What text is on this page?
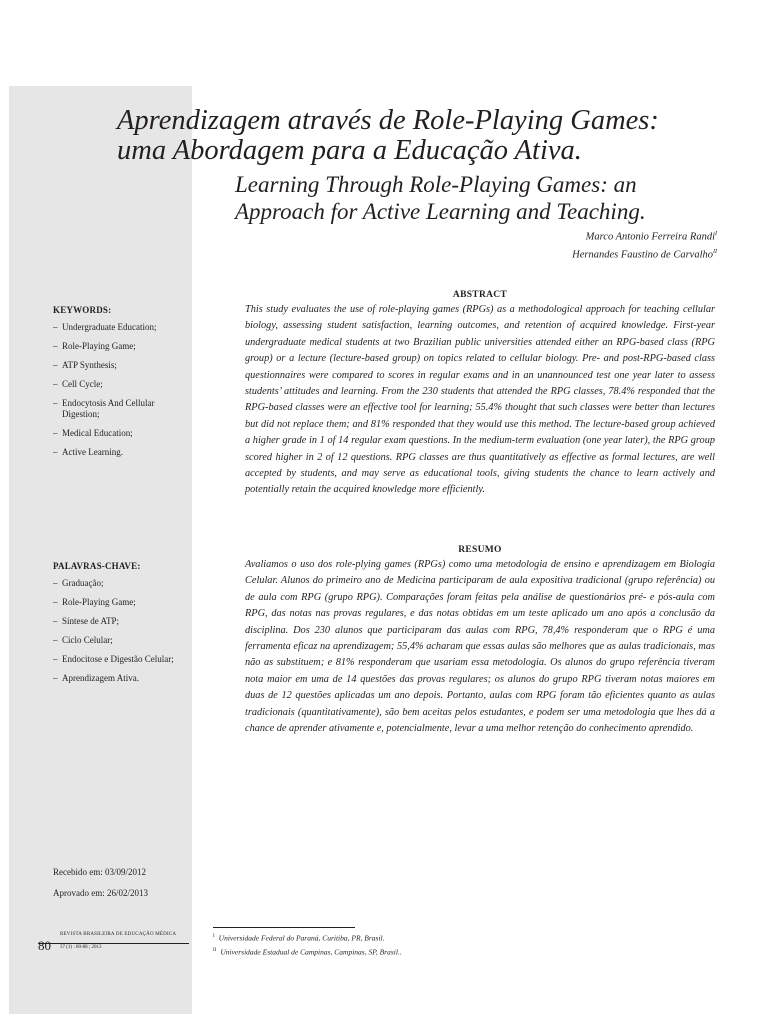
Aprendizagem através de Role-Playing Games:
uma Abordagem para a Educação Ativa.
Learning Through Role-Playing Games: an
Approach for Active Learning and Teaching.
Marco Antonio Ferreira Randi$^I$
Hernandes Faustino de Carvalho$^{II}$
KEYWORDS:
– Undergraduate Education;
– Role-Playing Game;
– ATP Synthesis;
– Cell Cycle;
– Endocytosis And Cellular Digestion;
– Medical Education;
– Active Learning.
PALAVRAS-CHAVE:
– Graduação;
– Role-Playing Game;
– Síntese de ATP;
– Ciclo Celular;
– Endocitose e Digestão Celular;
– Aprendizagem Ativa.
ABSTRACT
This study evaluates the use of role-playing games (RPGs) as a methodological approach for teaching cellular biology, assessing student satisfaction, learning outcomes, and retention of acquired knowledge. First-year undergraduate medical students at two Brazilian public universities attended either an RPG-based class (RPG group) or a lecture (lecture-based group) on topics related to cellular biology. Pre- and post-RPG-based class questionnaires were compared to scores in regular exams and in an unannounced test one year later to assess students’ attitudes and learning. From the 230 students that attended the RPG classes, 78.4% responded that the RPG-based classes were an effective tool for learning; 55.4% thought that such classes were better than lectures but did not replace them; and 81% responded that they would use this method. The lecture-based group achieved a higher grade in 1 of 14 regular exam questions. In the medium-term evaluation (one year later), the RPG group scored higher in 2 of 12 questions. RPG classes are thus quantitatively as effective as formal lectures, are well accepted by students, and may serve as educational tools, giving students the chance to learn actively and potentially retain the acquired knowledge more efficiently.
RESUMO
Avaliamos o uso dos role-plying games (RPGs) como uma metodologia de ensino e aprendizagem em Biologia Celular. Alunos do primeiro ano de Medicina participaram de aula expositiva tradicional (grupo referência) ou de aula com RPG (grupo RPG). Comparações foram feitas pela análise de questionários pré- e pós-aula com RPG, das notas nas provas regulares, e das notas obtidas em um teste aplicado um ano após a conclusão da disciplina. Dos 230 alunos que participaram das aulas com RPG, 78,4% responderam que o RPG é uma ferramenta eficaz na aprendizagem; 55,4% acharam que essas aulas são melhores que as aulas tradicionais, mas não as substituem; e 81% responderam que usariam essa metodologia. Os alunos do grupo referência tiveram nota maior em uma de 14 questões das provas regulares; os alunos do grupo RPG tiveram notas maiores em duas de 12 questões aplicadas um ano depois. Portanto, aulas com RPG foram tão eficientes quanto as aulas tradicionais (quantitativamente), são bem aceitas pelos estudantes, e podem ser uma metodologia que lhes dá a chance de aprender ativamente e, potencialmente, levar a uma melhor retenção do conhecimento aprendido.
Recebido em: 03/09/2012
Aprovado em: 26/02/2013
REVISTA BRASILEIRA DE EDUCAÇÃO MÉDICA
80 37 (1) : 80-88 ; 2013
$^I$ Universidade Federal do Paraná, Curitiba, PR, Brasil.
$^{II}$ Universidade Estadual de Campinas, Campinas, SP, Brasil..
